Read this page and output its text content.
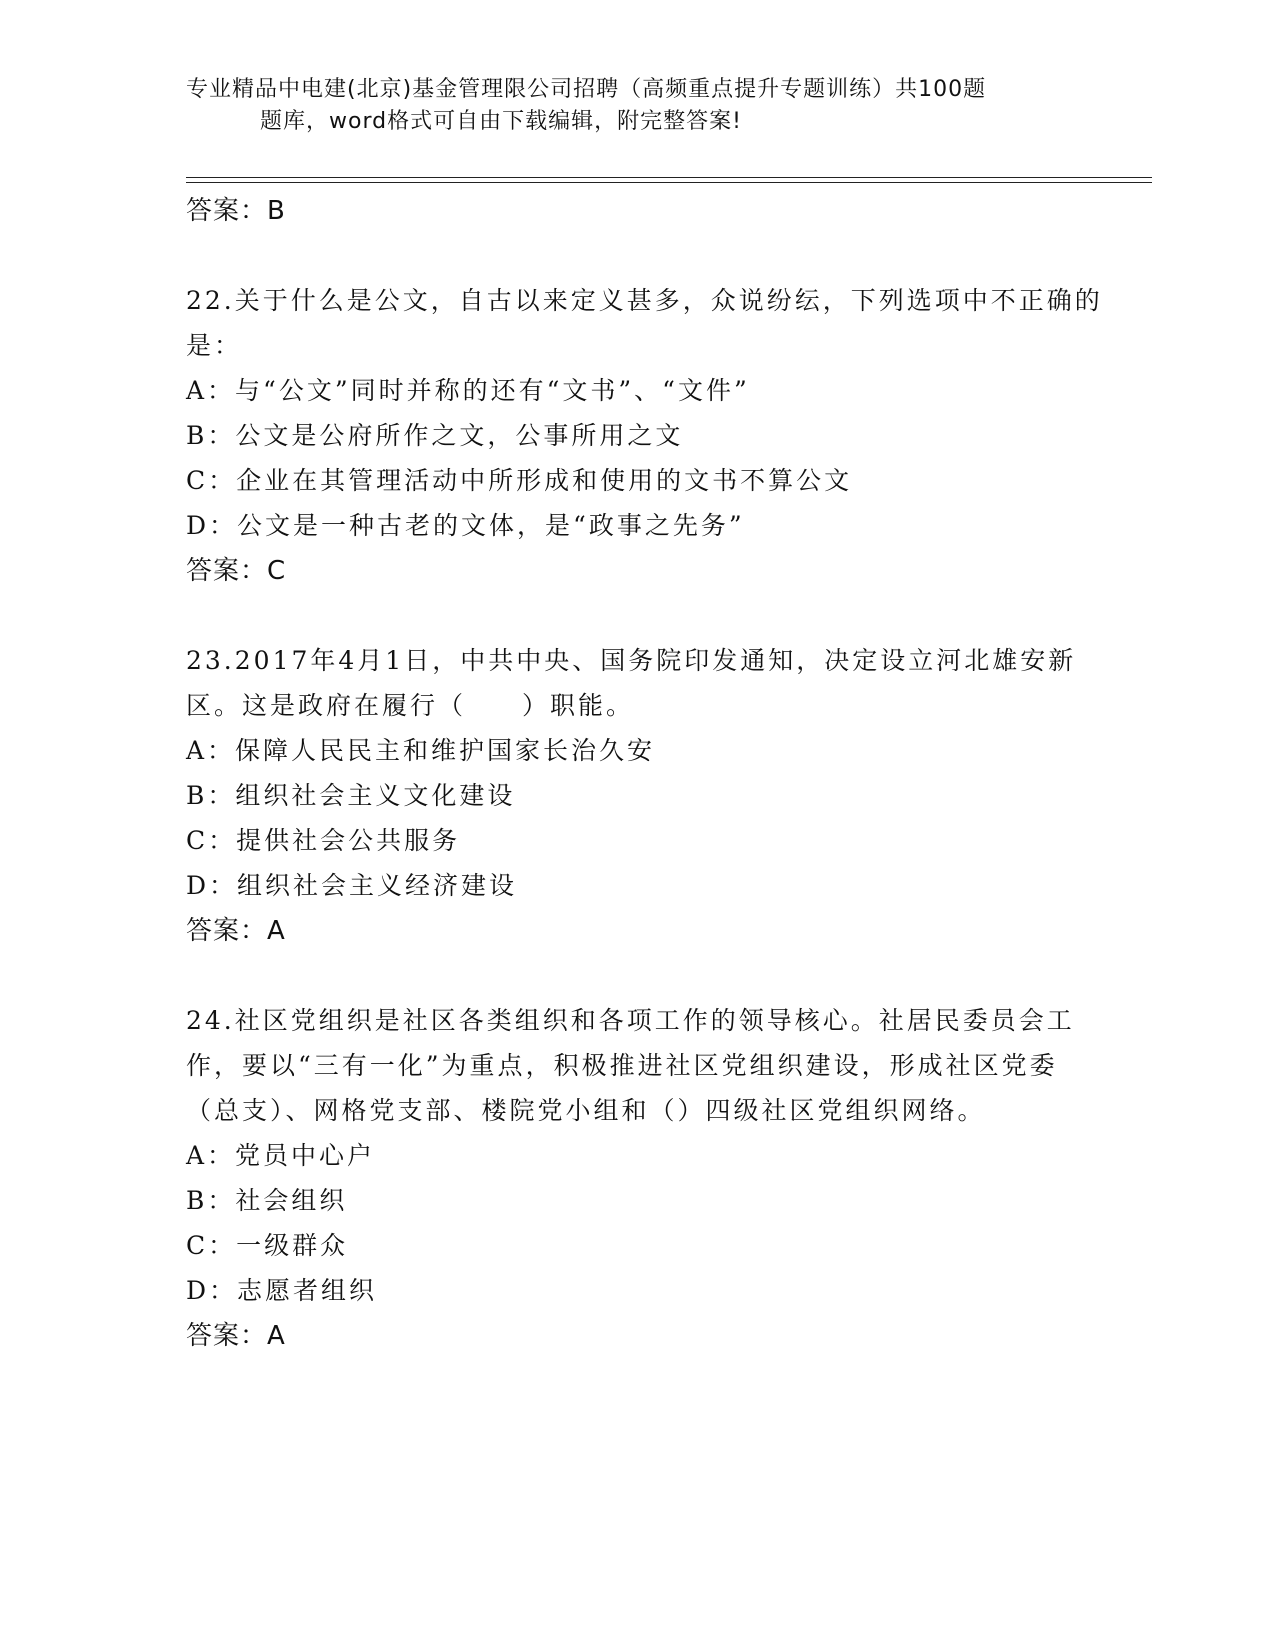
专业精品中电建(北京)基金管理限公司招聘（高频重点提升专题训练）共100题
题库，word格式可自由下载编辑，附完整答案!
答案：B
22.关于什么是公文，自古以来定义甚多，众说纷纭，下列选项中不正确的是：
A：与“公文”同时并称的还有“文书”、“文件”
B：公文是公府所作之文，公事所用之文
C：企业在其管理活动中所形成和使用的文书不算公文
D：公文是一种古老的文体，是“政事之先务”
答案：C
23.2017年4月1日，中共中央、国务院印发通知，决定设立河北雄安新区。这是政府在履行（　　）职能。
A：保障人民民主和维护国家长治久安
B：组织社会主义文化建设
C：提供社会公共服务
D：组织社会主义经济建设
答案：A
24.社区党组织是社区各类组织和各项工作的领导核心。社居民委员会工作，要以“三有一化”为重点，积极推进社区党组织建设，形成社区党委（总支）、网格党支部、楼院党小组和（）四级社区党组织网络。
A：党员中心户
B：社会组织
C：一级群众
D：志愿者组织
答案：A
